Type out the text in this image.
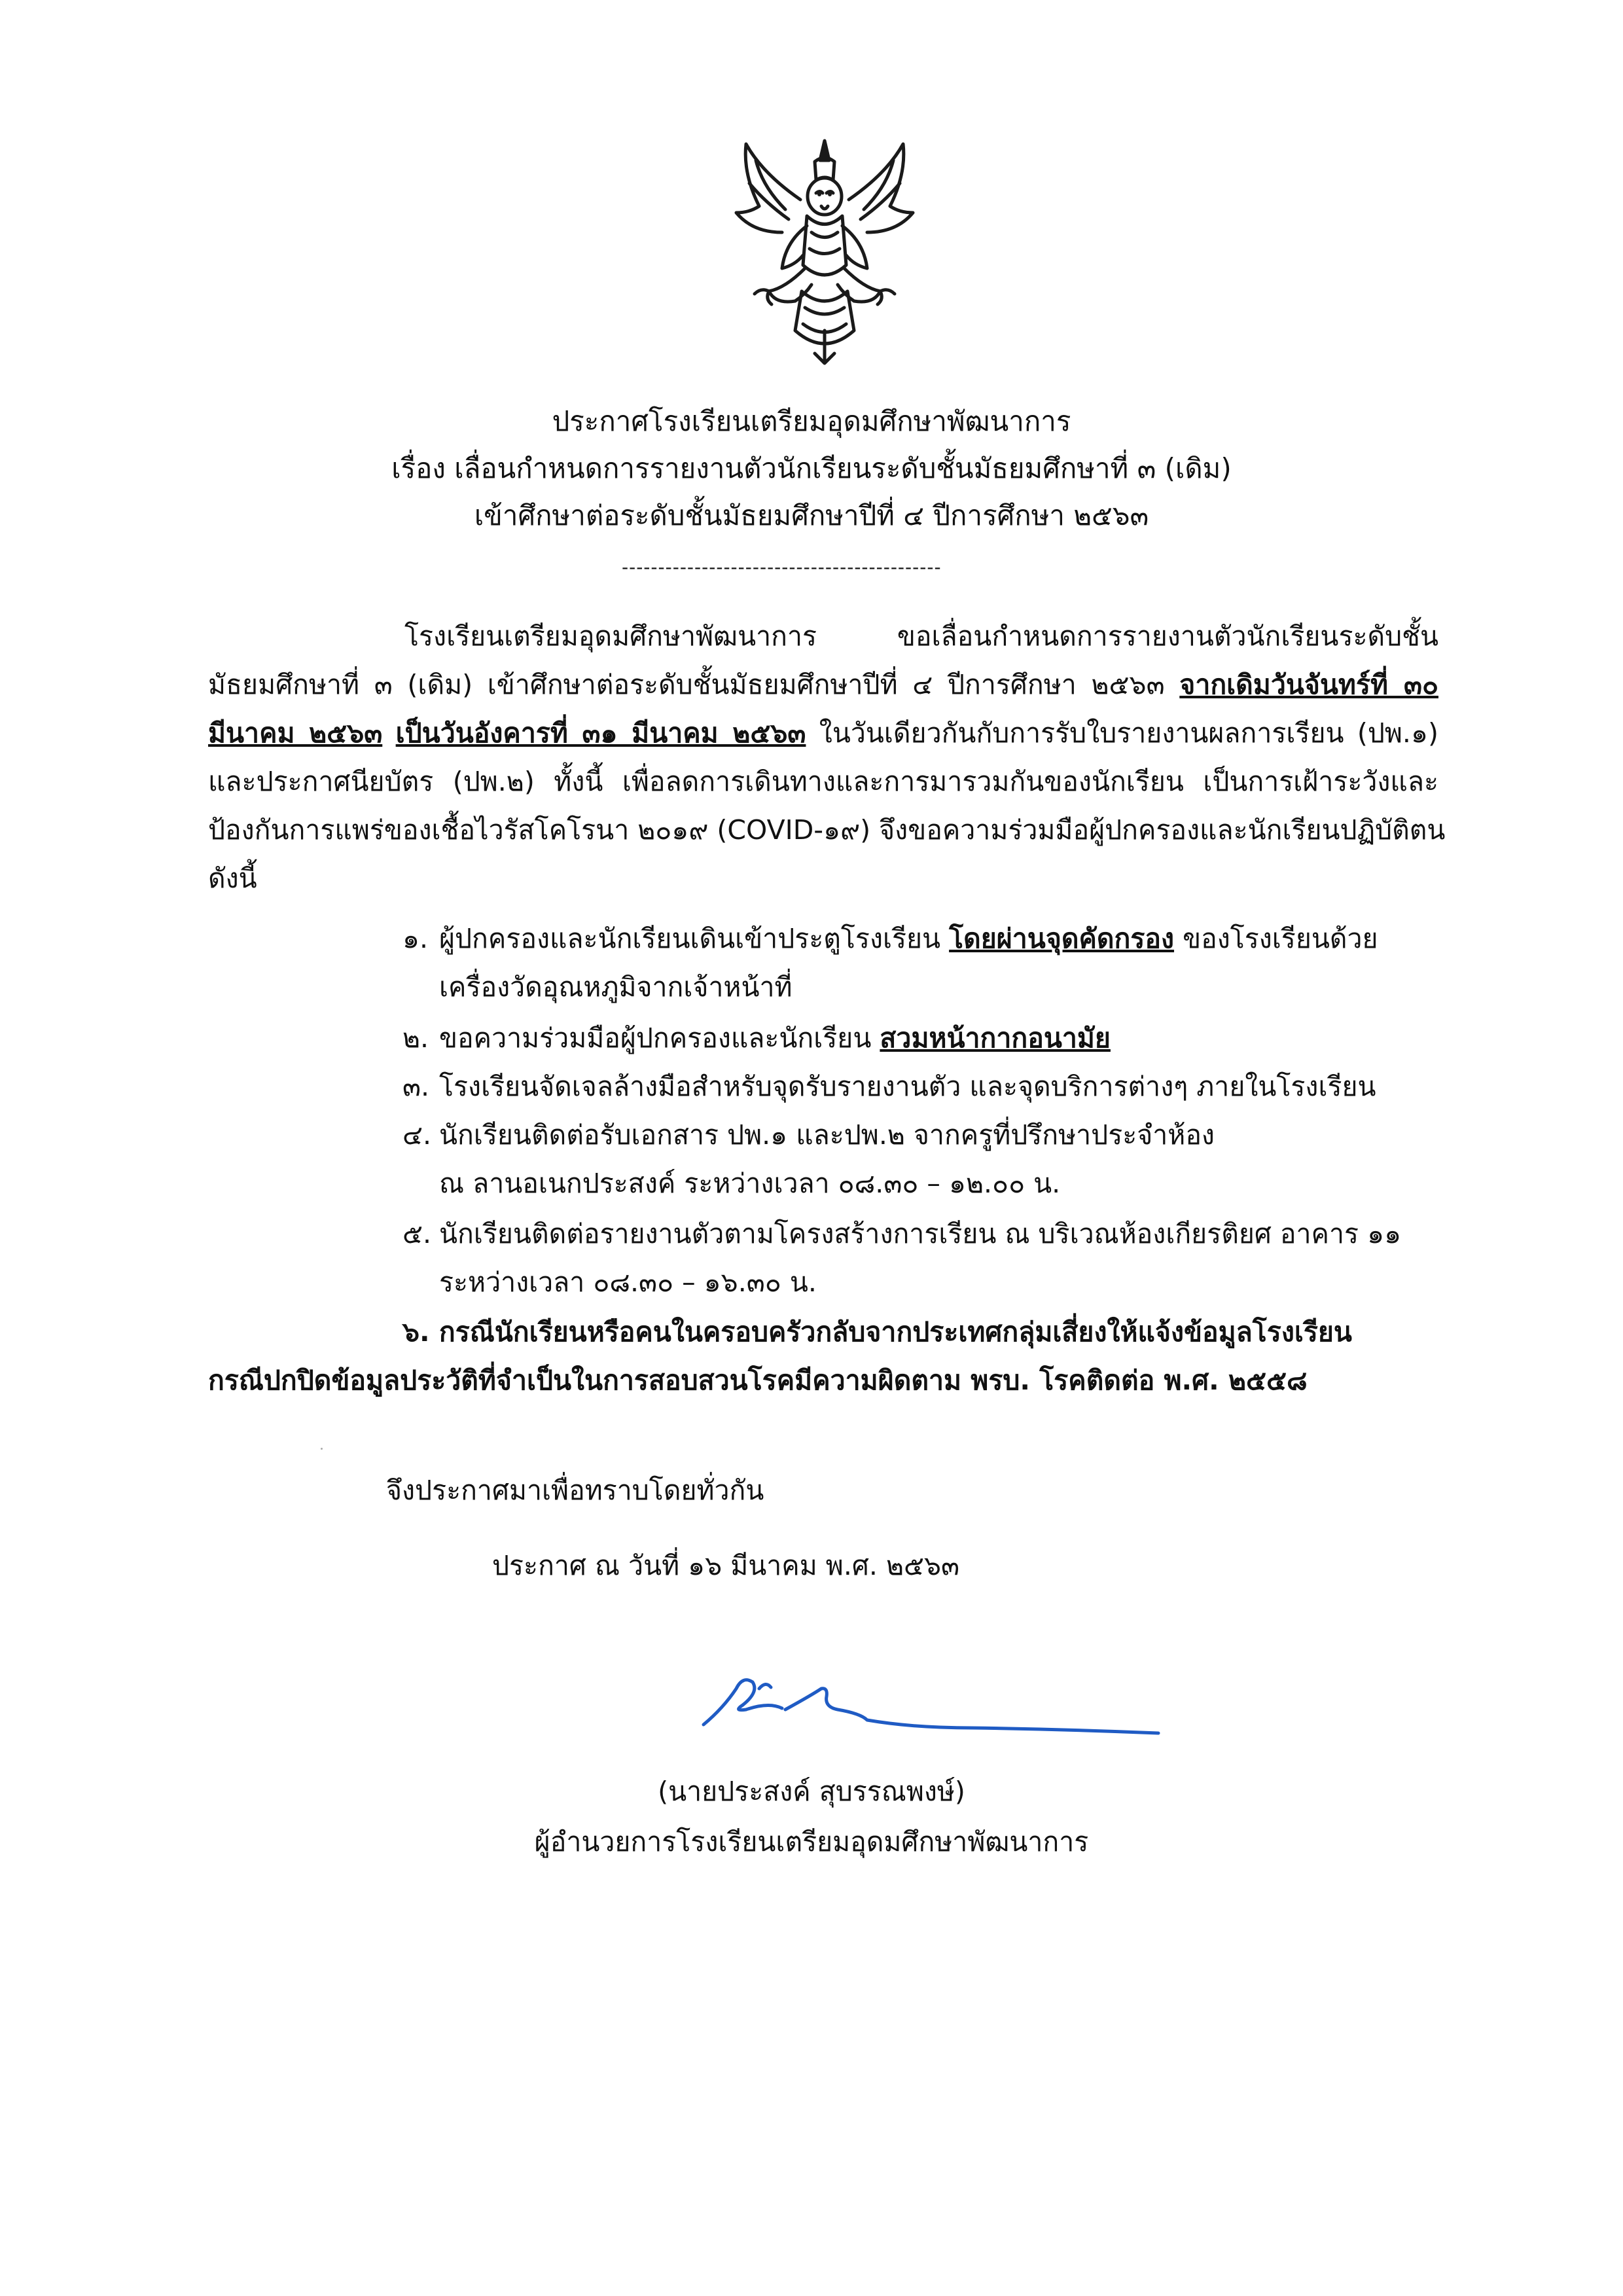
ประกาศโรงเรียนเตรียมอุดมศึกษาพัฒนาการ
เรื่อง เลื่อนกำหนดการรายงานตัวนักเรียนระดับชั้นมัธยมศึกษาที่ ๓ (เดิม)
เข้าศึกษาต่อระดับชั้นมัธยมศึกษาปีที่ ๔ ปีการศึกษา ๒๕๖๓
--------------------------------------------
โรงเรียนเตรียมอุดมศึกษาพัฒนาการ ขอเลื่อนกำหนดการรายงานตัวนักเรียนระดับชั้น
มัธยมศึกษาที่ ๓ (เดิม) เข้าศึกษาต่อระดับชั้นมัธยมศึกษาปีที่ ๔ ปีการศึกษา ๒๕๖๓ จากเดิมวันจันทร์ที่ ๓๐
มีนาคม ๒๕๖๓ เป็นวันอังคารที่ ๓๑ มีนาคม ๒๕๖๓ ในวันเดียวกันกับการรับใบรายงานผลการเรียน (ปพ.๑)
และประกาศนียบัตร (ปพ.๒) ทั้งนี้ เพื่อลดการเดินทางและการมารวมกันของนักเรียน เป็นการเฝ้าระวังและ
ป้องกันการแพร่ของเชื้อไวรัสโคโรนา ๒๐๑๙ (COVID-๑๙) จึงขอความร่วมมือผู้ปกครองและนักเรียนปฏิบัติตน
ดังนี้
๑. ผู้ปกครองและนักเรียนเดินเข้าประตูโรงเรียน โดยผ่านจุดคัดกรอง ของโรงเรียนด้วย
เครื่องวัดอุณหภูมิจากเจ้าหน้าที่
๒. ขอความร่วมมือผู้ปกครองและนักเรียน สวมหน้ากากอนามัย
๓. โรงเรียนจัดเจลล้างมือสำหรับจุดรับรายงานตัว และจุดบริการต่างๆ ภายในโรงเรียน
๔. นักเรียนติดต่อรับเอกสาร ปพ.๑ และปพ.๒ จากครูที่ปรึกษาประจำห้อง
ณ ลานอเนกประสงค์ ระหว่างเวลา ๐๘.๓๐ – ๑๒.๐๐ น.
๕. นักเรียนติดต่อรายงานตัวตามโครงสร้างการเรียน ณ บริเวณห้องเกียรติยศ อาคาร ๑๑
ระหว่างเวลา ๐๘.๓๐ – ๑๖.๓๐ น.
๖. กรณีนักเรียนหรือคนในครอบครัวกลับจากประเทศกลุ่มเสี่ยงให้แจ้งข้อมูลโรงเรียน
กรณีปกปิดข้อมูลประวัติที่จำเป็นในการสอบสวนโรคมีความผิดตาม พรบ. โรคติดต่อ พ.ศ. ๒๕๕๘
จึงประกาศมาเพื่อทราบโดยทั่วกัน
ประกาศ ณ วันที่ ๑๖ มีนาคม พ.ศ. ๒๕๖๓
(นายประสงค์ สุบรรณพงษ์)
ผู้อำนวยการโรงเรียนเตรียมอุดมศึกษาพัฒนาการ
